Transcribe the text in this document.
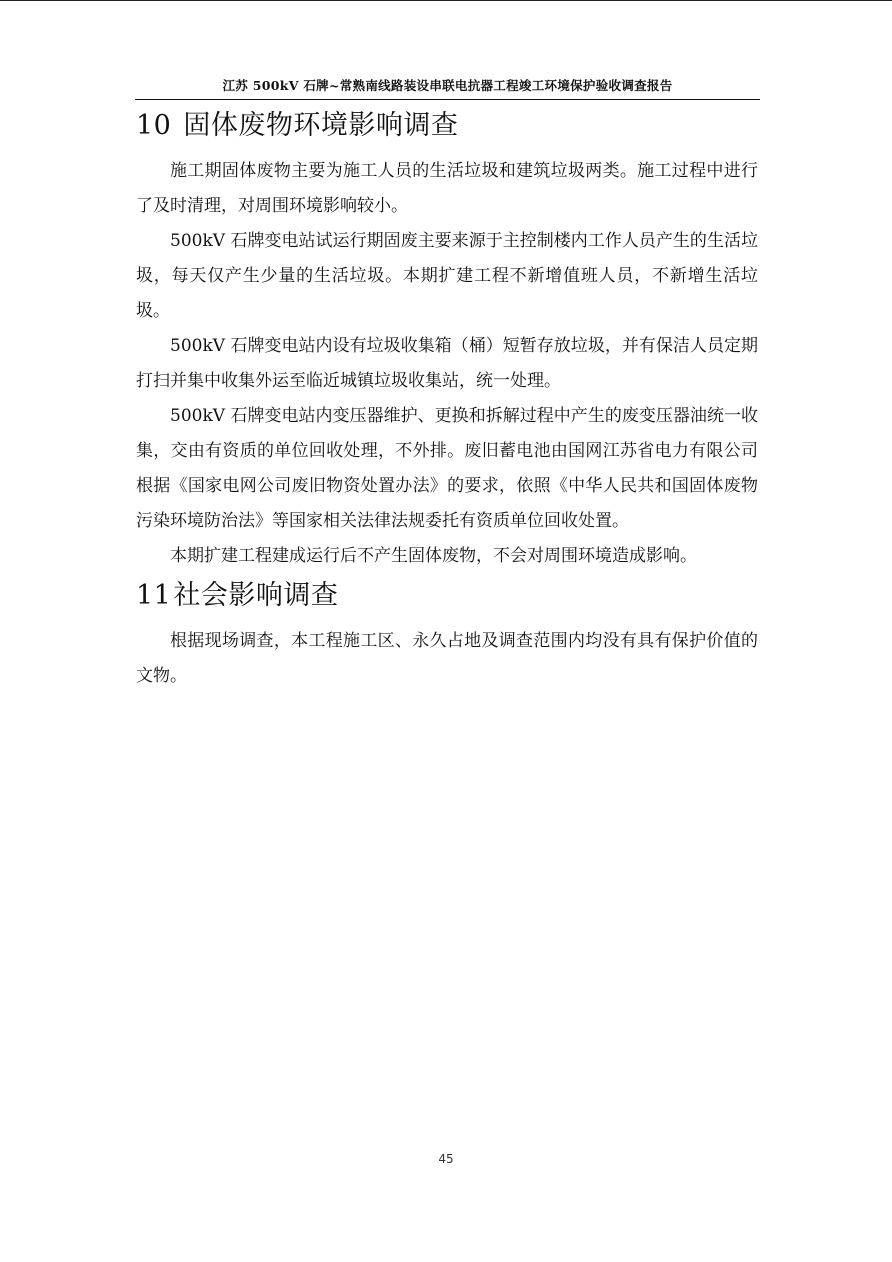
江苏 500kV 石牌~常熟南线路装设串联电抗器工程竣工环境保护验收调查报告
10 固体废物环境影响调查

施工期固体废物主要为施工人员的生活垃圾和建筑垃圾两类。施工过程中进行了及时清理，对周围环境影响较小。

500kV 石牌变电站试运行期固废主要来源于主控制楼内工作人员产生的生活垃圾，每天仅产生少量的生活垃圾。本期扩建工程不新增值班人员，不新增生活垃圾。

500kV 石牌变电站内设有垃圾收集箱（桶）短暂存放垃圾，并有保洁人员定期打扫并集中收集外运至临近城镇垃圾收集站，统一处理。

500kV 石牌变电站内变压器维护、更换和拆解过程中产生的废变压器油统一收集，交由有资质的单位回收处理，不外排。废旧蓄电池由国网江苏省电力有限公司根据《国家电网公司废旧物资处置办法》的要求，依照《中华人民共和国固体废物污染环境防治法》等国家相关法律法规委托有资质单位回收处置。

本期扩建工程建成运行后不产生固体废物，不会对周围环境造成影响。

11社会影响调查

根据现场调查，本工程施工区、永久占地及调查范围内均没有具有保护价值的文物。

45
